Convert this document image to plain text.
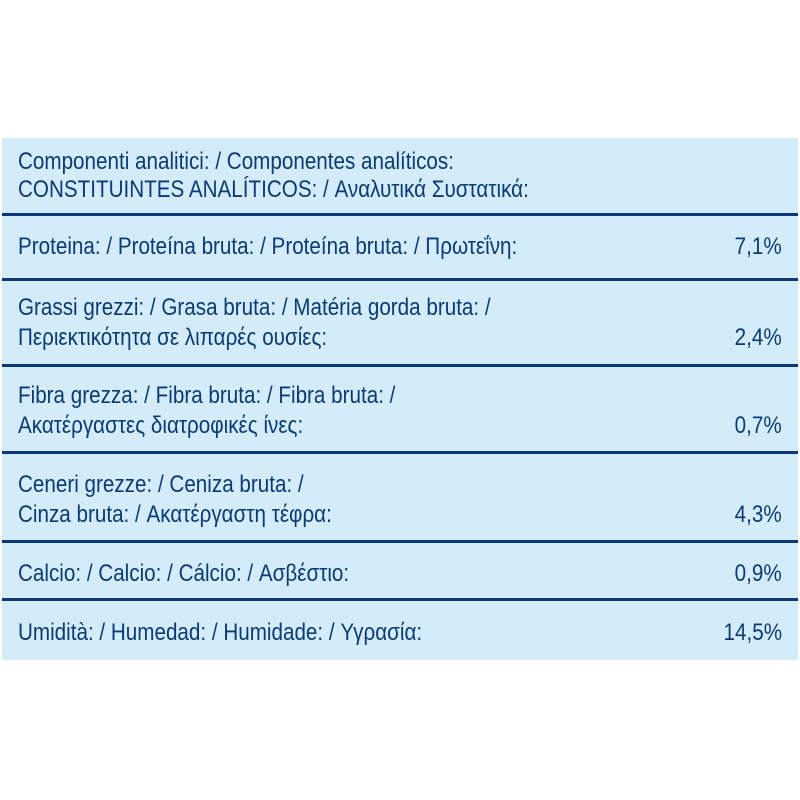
Componenti analitici: / Componentes analíticos:
CONSTITUINTES ANALÍTICOS: / Αναλυτικά Συστατικά:
Proteina: / Proteína bruta: / Proteína bruta: / Πρωτεΐνη:	7,1%
Grassi grezzi: / Grasa bruta: / Matéria gorda bruta: /
Περιεκτικότητα σε λιπαρές ουσίες:	2,4%
Fibra grezza: / Fibra bruta: / Fibra bruta: /
Ακατέργαστες διατροφικές ίνες:	0,7%
Ceneri grezze: / Ceniza bruta: /
Cinza bruta: / Ακατέργαστη τέφρα:	4,3%
Calcio: / Calcio: / Cálcio: / Ασβέστιο:	0,9%
Umidità: / Humedad: / Humidade: / Υγρασία:	14,5%
